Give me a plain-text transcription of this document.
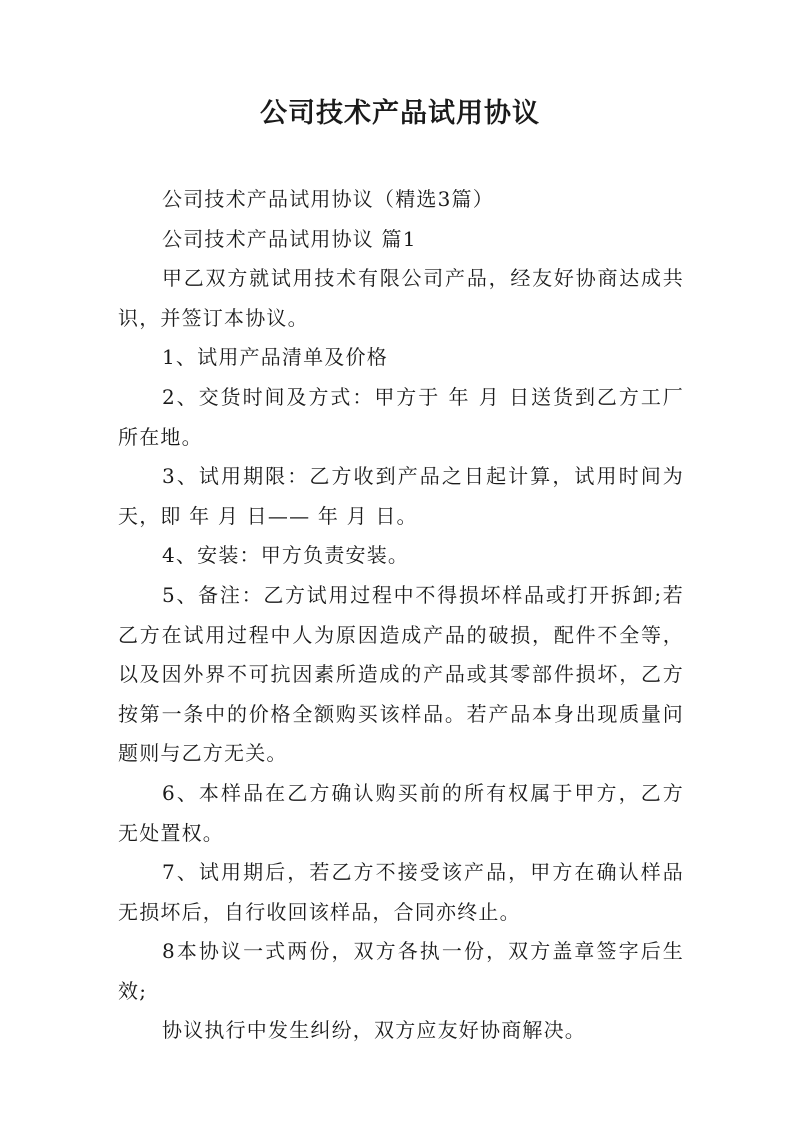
公司技术产品试用协议

公司技术产品试用协议（精选3篇）

公司技术产品试用协议 篇1

甲乙双方就试用技术有限公司产品，经友好协商达成共识，并签订本协议。

1、试用产品清单及价格

2、交货时间及方式：甲方于 年 月 日送货到乙方工厂所在地。

3、试用期限：乙方收到产品之日起计算，试用时间为天，即 年 月 日—— 年 月 日。

4、安装：甲方负责安装。

5、备注：乙方试用过程中不得损坏样品或打开拆卸;若乙方在试用过程中人为原因造成产品的破损，配件不全等，以及因外界不可抗因素所造成的产品或其零部件损坏，乙方按第一条中的价格全额购买该样品。若产品本身出现质量问题则与乙方无关。

6、本样品在乙方确认购买前的所有权属于甲方，乙方无处置权。

7、试用期后，若乙方不接受该产品，甲方在确认样品无损坏后，自行收回该样品，合同亦终止。

8本协议一式两份，双方各执一份，双方盖章签字后生效;

协议执行中发生纠纷，双方应友好协商解决。
